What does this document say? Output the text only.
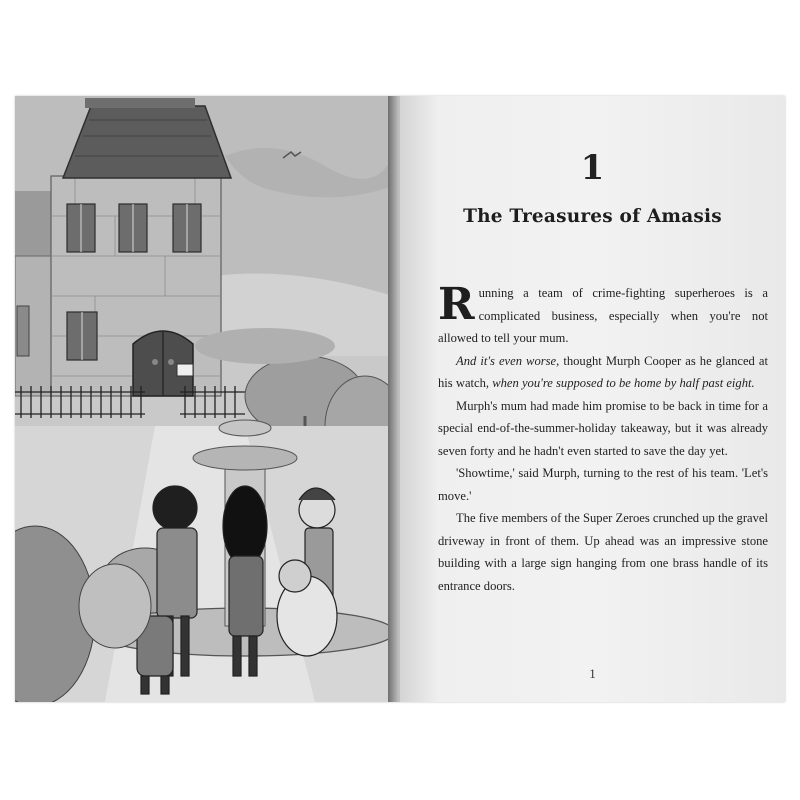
1
The Treasures of Amasis

Running a team of crime-fighting superheroes is a complicated business, especially when you're not allowed to tell your mum.

And it's even worse, thought Murph Cooper as he glanced at his watch, when you're supposed to be home by half past eight.

Murph's mum had made him promise to be back in time for a special end-of-the-summer-holiday takeaway, but it was already seven forty and he hadn't even started to save the day yet.

'Showtime,' said Murph, turning to the rest of his team. 'Let's move.'

The five members of the Super Zeroes crunched up the gravel driveway in front of them. Up ahead was an impressive stone building with a large sign hanging from one brass handle of its entrance doors.

1
